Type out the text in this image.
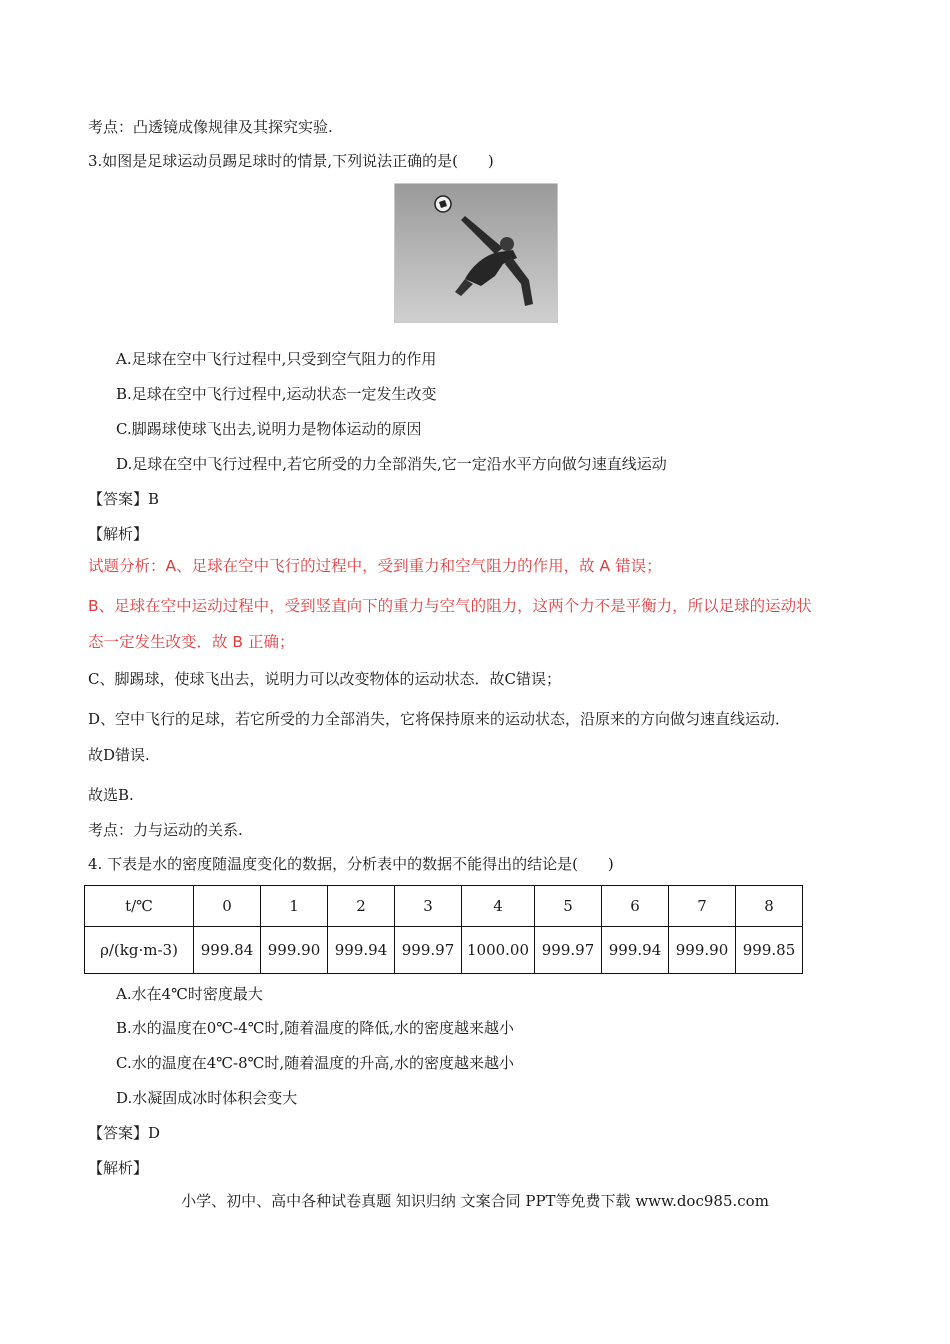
考点：凸透镜成像规律及其探究实验.
3.如图是足球运动员踢足球时的情景,下列说法正确的是(　　)
A.足球在空中飞行过程中,只受到空气阻力的作用
B.足球在空中飞行过程中,运动状态一定发生改变
C.脚踢球使球飞出去,说明力是物体运动的原因
D.足球在空中飞行过程中,若它所受的力全部消失,它一定沿水平方向做匀速直线运动
【答案】B
【解析】
试题分析：A、足球在空中飞行的过程中，受到重力和空气阻力的作用，故 A 错误；
B、足球在空中运动过程中，受到竖直向下的重力与空气的阻力，这两个力不是平衡力，所以足球的运动状
态一定发生改变．故 B 正确；
C、脚踢球，使球飞出去，说明力可以改变物体的运动状态．故C错误；
D、空中飞行的足球，若它所受的力全部消失，它将保持原来的运动状态，沿原来的方向做匀速直线运动．
故D错误.
故选B.
考点：力与运动的关系.
4. 下表是水的密度随温度变化的数据，分析表中的数据不能得出的结论是(　　)
t/℃	0	1	2	3	4	5	6	7	8
ρ/(kg·m-3)	999.84	999.90	999.94	999.97	1000.00	999.97	999.94	999.90	999.85
A.水在4℃时密度最大
B.水的温度在0℃-4℃时,随着温度的降低,水的密度越来越小
C.水的温度在4℃-8℃时,随着温度的升高,水的密度越来越小
D.水凝固成冰时体积会变大
【答案】D
【解析】
小学、初中、高中各种试卷真题 知识归纳 文案合同 PPT等免费下载 www.doc985.com
